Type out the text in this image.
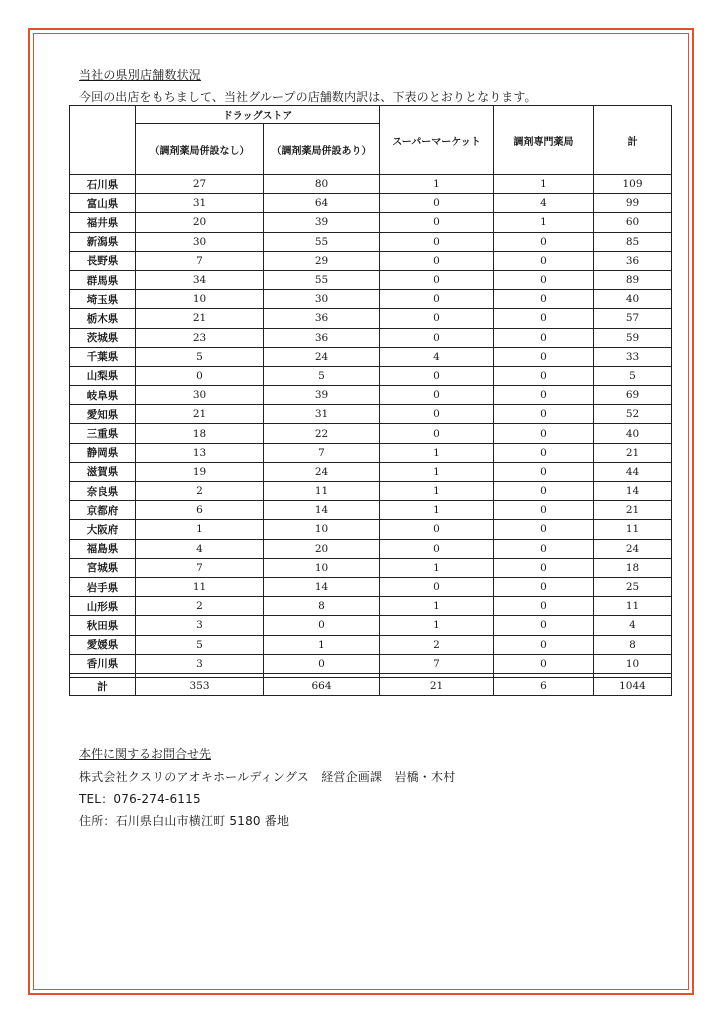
当社の県別店舗数状況
今回の出店をもちまして、当社グループの店舗数内訳は、下表のとおりとなります。
	ドラッグストア		スーパーマーケット	調剤専門薬局	計
	（調剤薬局併設なし）	（調剤薬局併設あり）			
石川県	27	80	1	1	109
富山県	31	64	0	4	99
福井県	20	39	0	1	60
新潟県	30	55	0	0	85
長野県	7	29	0	0	36
群馬県	34	55	0	0	89
埼玉県	10	30	0	0	40
栃木県	21	36	0	0	57
茨城県	23	36	0	0	59
千葉県	5	24	4	0	33
山梨県	0	5	0	0	5
岐阜県	30	39	0	0	69
愛知県	21	31	0	0	52
三重県	18	22	0	0	40
静岡県	13	7	1	0	21
滋賀県	19	24	1	0	44
奈良県	2	11	1	0	14
京都府	6	14	1	0	21
大阪府	1	10	0	0	11
福島県	4	20	0	0	24
宮城県	7	10	1	0	18
岩手県	11	14	0	0	25
山形県	2	8	1	0	11
秋田県	3	0	1	0	4
愛媛県	5	1	2	0	8
香川県	3	0	7	0	10

計	353	664	21	6	1044
本件に関するお問合せ先
株式会社クスリのアオキホールディングス　経営企画課　岩橋・木村
TEL：076-274-6115
住所：石川県白山市横江町 5180 番地
